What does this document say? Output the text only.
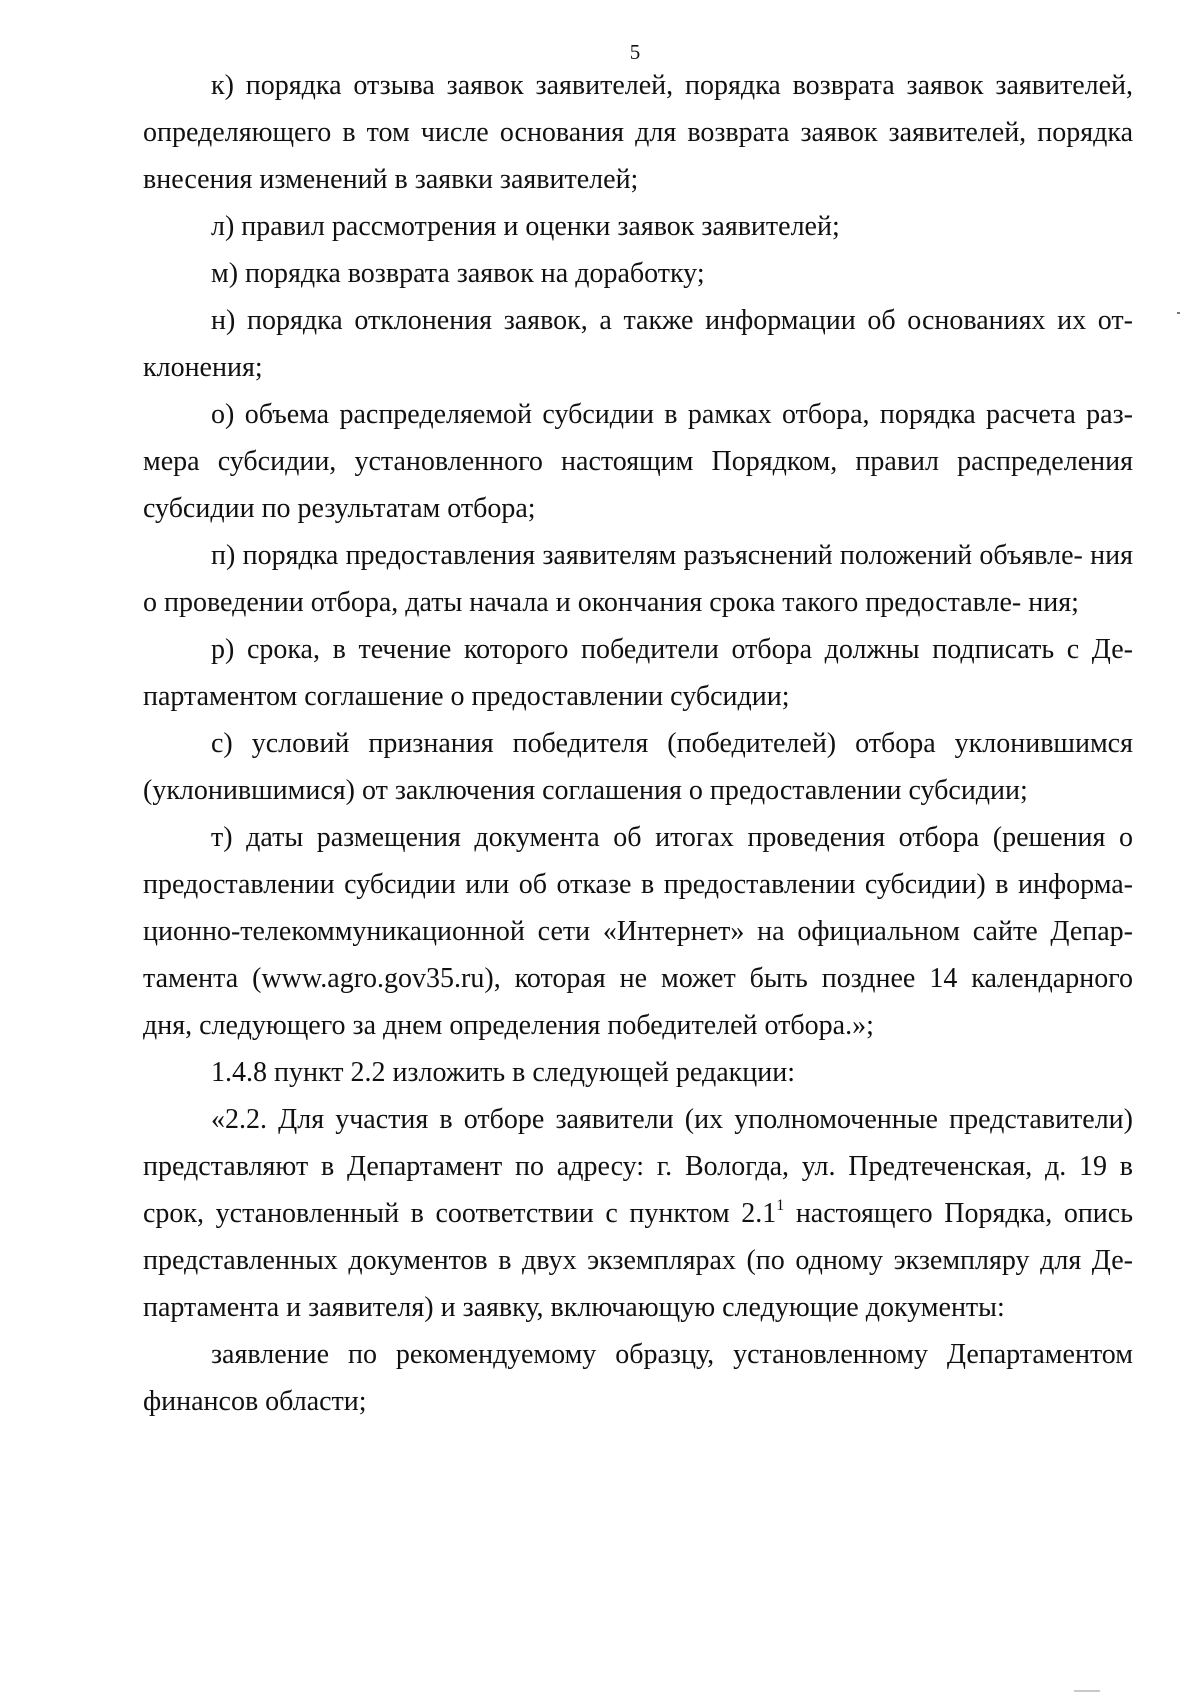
5

к) порядка отзыва заявок заявителей, порядка возврата заявок заявителей, определяющего в том числе основания для возврата заявок заявителей, порядка внесения изменений в заявки заявителей;

л) правил рассмотрения и оценки заявок заявителей;

м) порядка возврата заявок на доработку;

н) порядка отклонения заявок, а также информации об основаниях их от- клонения;

о) объема распределяемой субсидии в рамках отбора, порядка расчета раз- мера субсидии, установленного настоящим Порядком, правил распределения субсидии по результатам отбора;

п) порядка предоставления заявителям разъяснений положений объявле- ния о проведении отбора, даты начала и окончания срока такого предоставле- ния;

р) срока, в течение которого победители отбора должны подписать с Де- партаментом соглашение о предоставлении субсидии;

с) условий признания победителя (победителей) отбора уклонившимся (уклонившимися) от заключения соглашения о предоставлении субсидии;

т) даты размещения документа об итогах проведения отбора (решения о предоставлении субсидии или об отказе в предоставлении субсидии) в информа- ционно-телекоммуникационной сети «Интернет» на официальном сайте Депар- тамента (www.agro.gov35.ru), которая не может быть позднее 14 календарного дня, следующего за днем определения победителей отбора.»;

1.4.8 пункт 2.2 изложить в следующей редакции:

«2.2. Для участия в отборе заявители (их уполномоченные представители) представляют в Департамент по адресу: г. Вологда, ул. Предтеченская, д. 19 в срок, установленный в соответствии с пунктом $2.1^1$ настоящего Порядка, опись представленных документов в двух экземплярах (по одному экземпляру для Де- партамента и заявителя) и заявку, включающую следующие документы:

заявление по рекомендуемому образцу, установленному Департаментом финансов области;
